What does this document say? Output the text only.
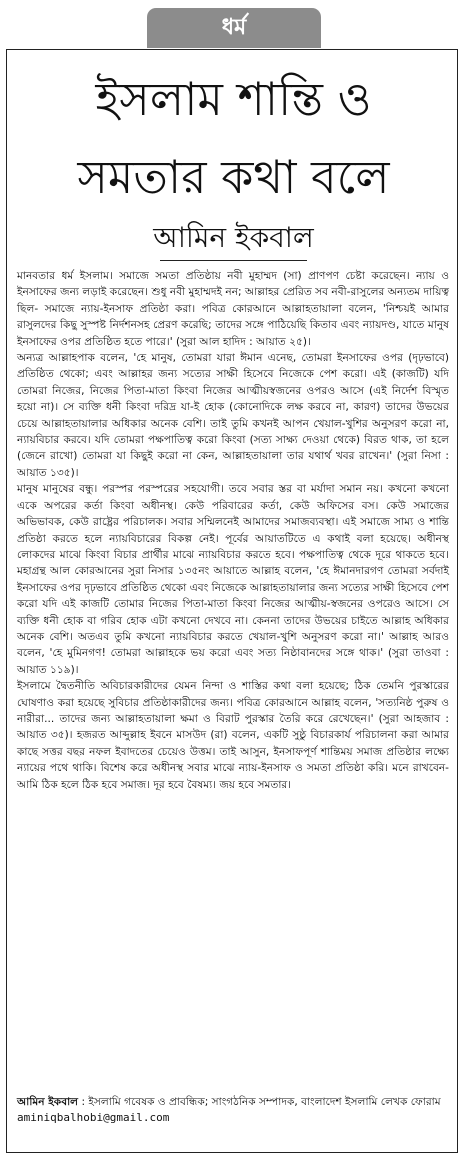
ধর্ম
ইসলাম শান্তি ও
সমতার কথা বলে
আমিন ইকবাল

মানবতার ধর্ম ইসলাম। সমাজে সমতা প্রতিষ্ঠায় নবী মুহাম্মদ (সা) প্রাণপণ চেষ্টা করেছেন। ন্যায় ও ইনসাফের জন্য লড়াই করেছেন। শুধু নবী মুহাম্মদই নন; আল্লাহর প্রেরিত সব নবী-রাসুলের অন্যতম দায়িত্ব ছিল- সমাজে ন্যায়-ইনসাফ প্রতিষ্ঠা করা। পবিত্র কোরআনে আল্লাহতায়ালা বলেন, 'নিশ্চয়ই আমার রাসুলদের কিছু সুস্পষ্ট নির্দশনসহ প্রেরণ করেছি; তাদের সঙ্গে পাঠিয়েছি কিতাব এবং ন্যায়দণ্ড, যাতে মানুষ ইনসাফের ওপর প্রতিষ্ঠিত হতে পারে।' (সুরা আল হাদিদ : আয়াত ২৫)।

অন্যত্র আল্লাহপাক বলেন, 'হে মানুষ, তোমরা যারা ঈমান এনেছ, তোমরা ইনসাফের ওপর (দৃঢ়ভাবে) প্রতিষ্ঠিত থেকো; এবং আল্লাহর জন্য সত্যের সাক্ষী হিসেবে নিজেকে পেশ করো। এই (কাজটি) যদি তোমরা নিজের, নিজের পিতা-মাতা কিংবা নিজের আত্মীয়স্বজনের ওপরও আসে (এই নির্দেশ বিস্মৃত হয়ো না)। সে ব্যক্তি ধনী কিংবা দরিদ্র যা-ই হোক (কোনোদিকে লক্ষ করবে না, কারণ) তাদের উভয়ের চেয়ে আল্লাহতায়ালার অধিকার অনেক বেশি। তাই তুমি কখনই আপন খেয়াল-খুশির অনুসরণ করো না, ন্যায়বিচার করবে। যদি তোমরা পক্ষপাতিত্ব করো কিংবা (সত্য সাক্ষ্য দেওয়া থেকে) বিরত থাক, তা হলে (জেনে রাখো) তোমরা যা কিছুই করো না কেন, আল্লাহতায়ালা তার যথার্থ খবর রাখেন।' (সুরা নিসা : আয়াত ১৩৫)।

মানুষ মানুষের বন্ধু। পরস্পর পরস্পরের সহযোগী। তবে সবার স্তর বা মর্যাদা সমান নয়। কখনো কখনো একে অপরের কর্তা কিংবা অধীনস্থ। কেউ পরিবারের কর্তা, কেউ অফিসের বস। কেউ সমাজের অভিভাবক, কেউ রাষ্ট্রের পরিচালক। সবার সম্মিলনেই আমাদের সমাজব্যবস্থা। এই সমাজে সাম্য ও শান্তি প্রতিষ্ঠা করতে হলে ন্যায়বিচারের বিকল্প নেই। পূর্বের আয়াতটিতে এ কথাই বলা হয়েছে। অধীনস্থ লোকদের মাঝে কিংবা বিচার প্রার্থীর মাঝে ন্যায়বিচার করতে হবে। পক্ষপাতিত্ব থেকে দূরে থাকতে হবে। মহাগ্রন্থ আল কোরআনের সুরা নিসার ১৩৫নং আয়াতে আল্লাহ বলেন, 'হে ঈমানদারগণ তোমরা সর্বদাই ইনসাফের ওপর দৃঢ়ভাবে প্রতিষ্ঠিত থেকো এবং নিজেকে আল্লাহতায়ালার জন্য সত্যের সাক্ষী হিসেবে পেশ করো যদি এই কাজটি তোমার নিজের পিতা-মাতা কিংবা নিজের আত্মীয়-স্বজনের ওপরেও আসে। সে ব্যক্তি ধনী হোক বা গরিব হোক এটা কখনো দেখবে না। কেননা তাদের উভয়ের চাইতে আল্লাহ অধিকার অনেক বেশি। অতএব তুমি কখনো ন্যায়বিচার করতে খেয়াল-খুশি অনুসরণ করো না।' আল্লাহ আরও বলেন, 'হে মুমিনগণ! তোমরা আল্লাহকে ভয় করো এবং সত্য নিষ্ঠাবানদের সঙ্গে থাক।' (সুরা তাওবা : আয়াত ১১৯)।

ইসলামে দ্বৈতনীতি অবিচারকারীদের যেমন নিন্দা ও শাস্তির কথা বলা হয়েছে; ঠিক তেমনি পুরস্কারের ঘোষণাও করা হয়েছে সুবিচার প্রতিষ্ঠাকারীদের জন্য। পবিত্র কোরআনে আল্লাহ বলেন, 'সত্যনিষ্ঠ পুরুষ ও নারীরা... তাদের জন্য আল্লাহতায়ালা ক্ষমা ও বিরাট পুরস্কার তৈরি করে রেখেছেন।' (সুরা আহজাব : আয়াত ৩৫)। হজরত আব্দুল্লাহ ইবনে মাসউদ (রা) বলেন, একটি সুষ্ঠু বিচারকার্য পরিচালনা করা আমার কাছে সত্তর বছর নফল ইবাদতের চেয়েও উত্তম। তাই আসুন, ইনসাফপূর্ণ শান্তিময় সমাজ প্রতিষ্ঠার লক্ষ্যে ন্যায়ের পথে থাকি। বিশেষ করে অধীনস্থ সবার মাঝে ন্যায়-ইনসাফ ও সমতা প্রতিষ্ঠা করি। মনে রাখবেন- আমি ঠিক হলে ঠিক হবে সমাজ। দূর হবে বৈষম্য। জয় হবে সমতার।

আমিন ইকবাল : ইসলামি গবেষক ও প্রাবন্ধিক; সাংগঠনিক সম্পাদক, বাংলাদেশ ইসলামি লেখক ফোরাম
aminiqbalhobi@gmail.com
